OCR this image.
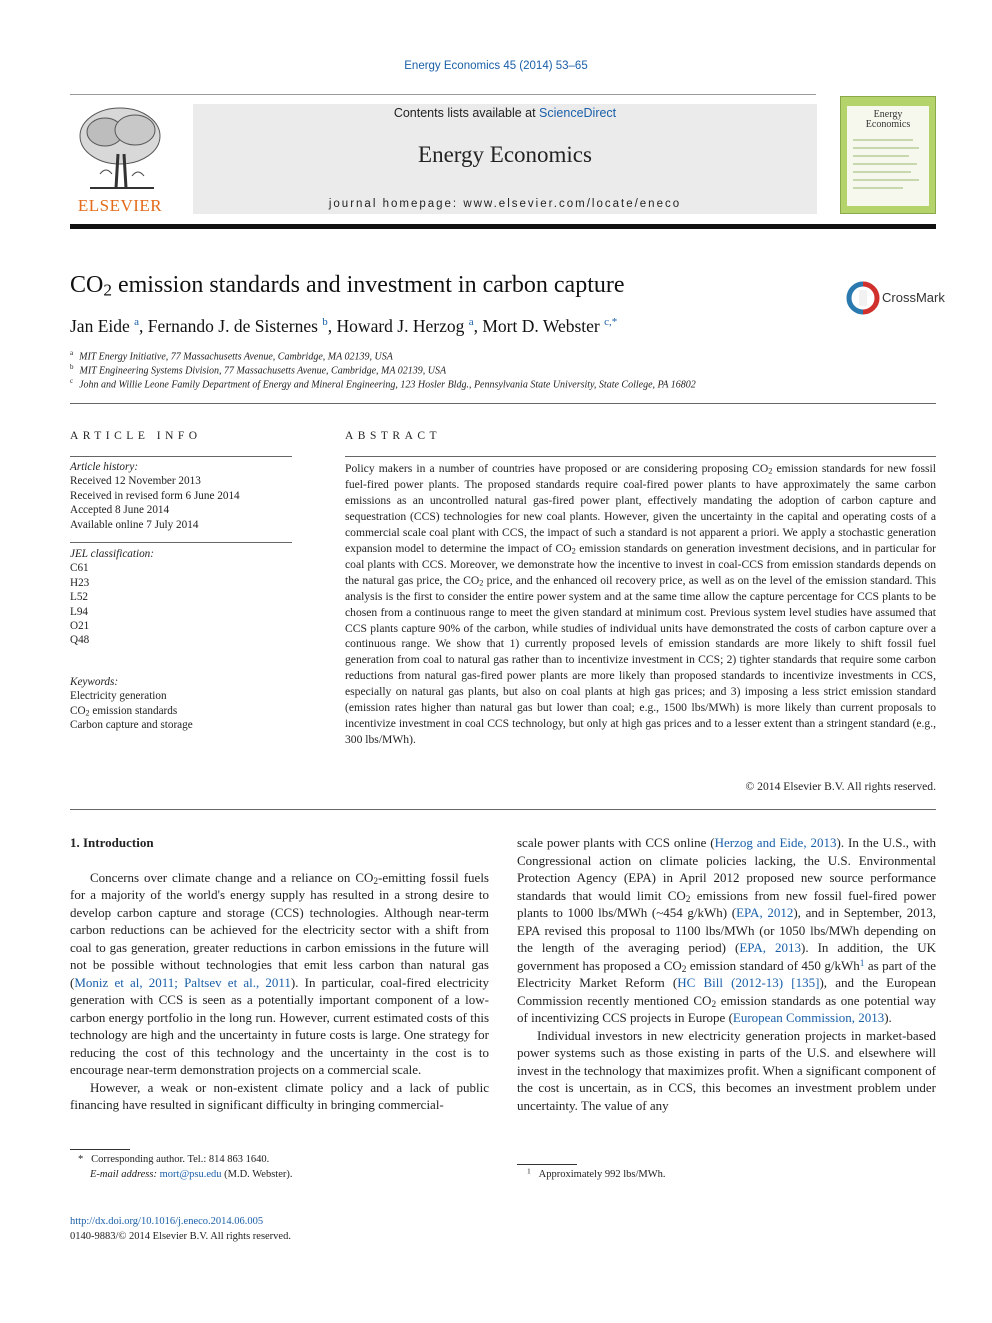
Energy Economics 45 (2014) 53–65
ELSEVIER
Contents lists available at ScienceDirect
Energy Economics
journal homepage: www.elsevier.com/locate/eneco
Energy
Economics
$CO_2$ emission standards and investment in carbon capture	CrossMark
Jan Eide $^a$, Fernando J. de Sisternes $^b$, Howard J. Herzog $^a$, Mort D. Webster $^{c,*}$
$^a$ MIT Energy Initiative, 77 Massachusetts Avenue, Cambridge, MA 02139, USA
$^b$ MIT Engineering Systems Division, 77 Massachusetts Avenue, Cambridge, MA 02139, USA
$^c$ John and Willie Leone Family Department of Energy and Mineral Engineering, 123 Hosler Bldg., Pennsylvania State University, State College, PA 16802
ARTICLE INFO
Article history:
Received 12 November 2013
Received in revised form 6 June 2014
Accepted 8 June 2014
Available online 7 July 2014
JEL classification:
C61
H23
L52
L94
O21
Q48
Keywords:
Electricity generation
$CO_2$ emission standards
Carbon capture and storage
ABSTRACT
Policy makers in a number of countries have proposed or are considering proposing $CO_2$ emission standards for new fossil fuel-fired power plants. The proposed standards require coal-fired power plants to have approximately the same carbon emissions as an uncontrolled natural gas-fired power plant, effectively mandating the adoption of carbon capture and sequestration (CCS) technologies for new coal plants. However, given the uncertainty in the capital and operating costs of a commercial scale coal plant with CCS, the impact of such a standard is not apparent a priori. We apply a stochastic generation expansion model to determine the impact of $CO_2$ emission standards on generation investment decisions, and in particular for coal plants with CCS. Moreover, we demonstrate how the incentive to invest in coal-CCS from emission standards depends on the natural gas price, the $CO_2$ price, and the enhanced oil recovery price, as well as on the level of the emission standard. This analysis is the first to consider the entire power system and at the same time allow the capture percentage for CCS plants to be chosen from a continuous range to meet the given standard at minimum cost. Previous system level studies have assumed that CCS plants capture 90% of the carbon, while studies of individual units have demonstrated the costs of carbon capture over a continuous range. We show that 1) currently proposed levels of emission standards are more likely to shift fossil fuel generation from coal to natural gas rather than to incentivize investment in CCS; 2) tighter standards that require some carbon reductions from natural gas-fired power plants are more likely than proposed standards to incentivize investments in CCS, especially on natural gas plants, but also on coal plants at high gas prices; and 3) imposing a less strict emission standard (emission rates higher than natural gas but lower than coal; e.g., 1500 lbs/MWh) is more likely than current proposals to incentivize investment in coal CCS technology, but only at high gas prices and to a lesser extent than a stringent standard (e.g., 300 lbs/MWh).
© 2014 Elsevier B.V. All rights reserved.
1. Introduction

Concerns over climate change and a reliance on $CO_2$-emitting fossil fuels for a majority of the world's energy supply has resulted in a strong desire to develop carbon capture and storage (CCS) technologies. Although near-term carbon reductions can be achieved for the electricity sector with a shift from coal to gas generation, greater reductions in carbon emissions in the future will not be possible without technologies that emit less carbon than natural gas (Moniz et al, 2011; Paltsev et al., 2011). In particular, coal-fired electricity generation with CCS is seen as a potentially important component of a low-carbon energy portfolio in the long run. However, current estimated costs of this technology are high and the uncertainty in future costs is large. One strategy for reducing the cost of this technology and the uncertainty in the cost is to encourage near-term demonstration projects on a commercial scale.

However, a weak or non-existent climate policy and a lack of public financing have resulted in significant difficulty in bringing commercial-

scale power plants with CCS online (Herzog and Eide, 2013). In the U.S., with Congressional action on climate policies lacking, the U.S. Environmental Protection Agency (EPA) in April 2012 proposed new source performance standards that would limit $CO_2$ emissions from new fossil fuel-fired power plants to 1000 lbs/MWh (~454 g/kWh) (EPA, 2012), and in September, 2013, EPA revised this proposal to 1100 lbs/MWh (or 1050 lbs/MWh depending on the length of the averaging period) (EPA, 2013). In addition, the UK government has proposed a $CO_2$ emission standard of 450 g/kWh$^1$ as part of the Electricity Market Reform (HC Bill (2012-13) [135]), and the European Commission recently mentioned $CO_2$ emission standards as one potential way of incentivizing CCS projects in Europe (European Commission, 2013).

Individual investors in new electricity generation projects in market-based power systems such as those existing in parts of the U.S. and elsewhere will invest in the technology that maximizes profit. When a significant component of the cost is uncertain, as in CCS, this becomes an investment problem under uncertainty. The value of any

* Corresponding author. Tel.: 814 863 1640.
E-mail address: mort@psu.edu (M.D. Webster).	$^1$ Approximately 992 lbs/MWh.
http://dx.doi.org/10.1016/j.eneco.2014.06.005
0140-9883/© 2014 Elsevier B.V. All rights reserved.
